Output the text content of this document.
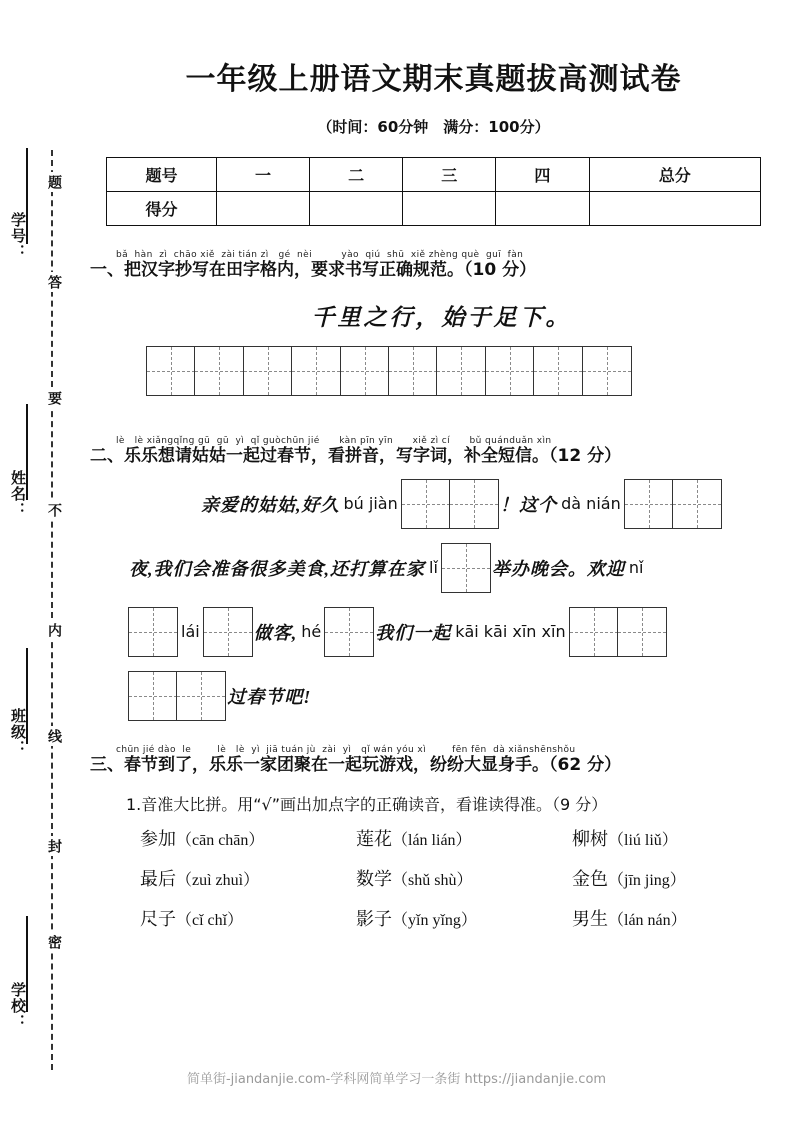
学号：
姓名：
班级：
学校：
题
答
要
不
内
线
封
密
一年级上册语文期末真题拔高测试卷
（时间：60分钟　满分：100分）
题号	一	二	三	四	总分
得分					
bǎ  hàn  zì  chāo xiě  zài tián zì   gé  nèi         yào  qiú  shū  xiě zhèng què  guī  fàn
一、把汉字抄写在田字格内，要求书写正确规范。（10 分）
千里之行，始于足下。
lè   lè xiǎngqǐng gū  gū  yì  qǐ guòchūn jié      kàn pīn yīn      xiě zì cí      bǔ quánduǎn xìn
二、乐乐想请姑姑一起过春节，看拼音，写字词，补全短信。（12 分）
亲爱的姑姑,好久 bú jiàn	！这个 dà nián
夜,我们会准备很多美食,还打算在家 lǐ	举办晚会。欢迎 nǐ
lái	做客, hé	我们一起 kāi kāi xīn xīn
过春节吧!
chūn jié dào  le        lè   lè  yì  jiā tuán jù  zài  yì   qǐ wán yóu xì        fēn fēn  dà xiǎnshēnshǒu
三、春节到了，乐乐一家团聚在一起玩游戏，纷纷大显身手。（62 分）
1.音准大比拼。用“√”画出加点字的正确读音，看谁读得准。（9 分）
参 ·加（cān chān）	莲 ·花（lán lián）	柳 ·树（liú liǔ）
最 ·后（zuì zhuì）	数 ·学（shǔ shù）	金 ·色（jīn jing）
尺 ·子（cǐ chǐ）	影 ·子（yǐn yǐng）	男 ·生（lán nán）
简单街-jiandanjie.com-学科网简单学习一条街 https://jiandanjie.com
